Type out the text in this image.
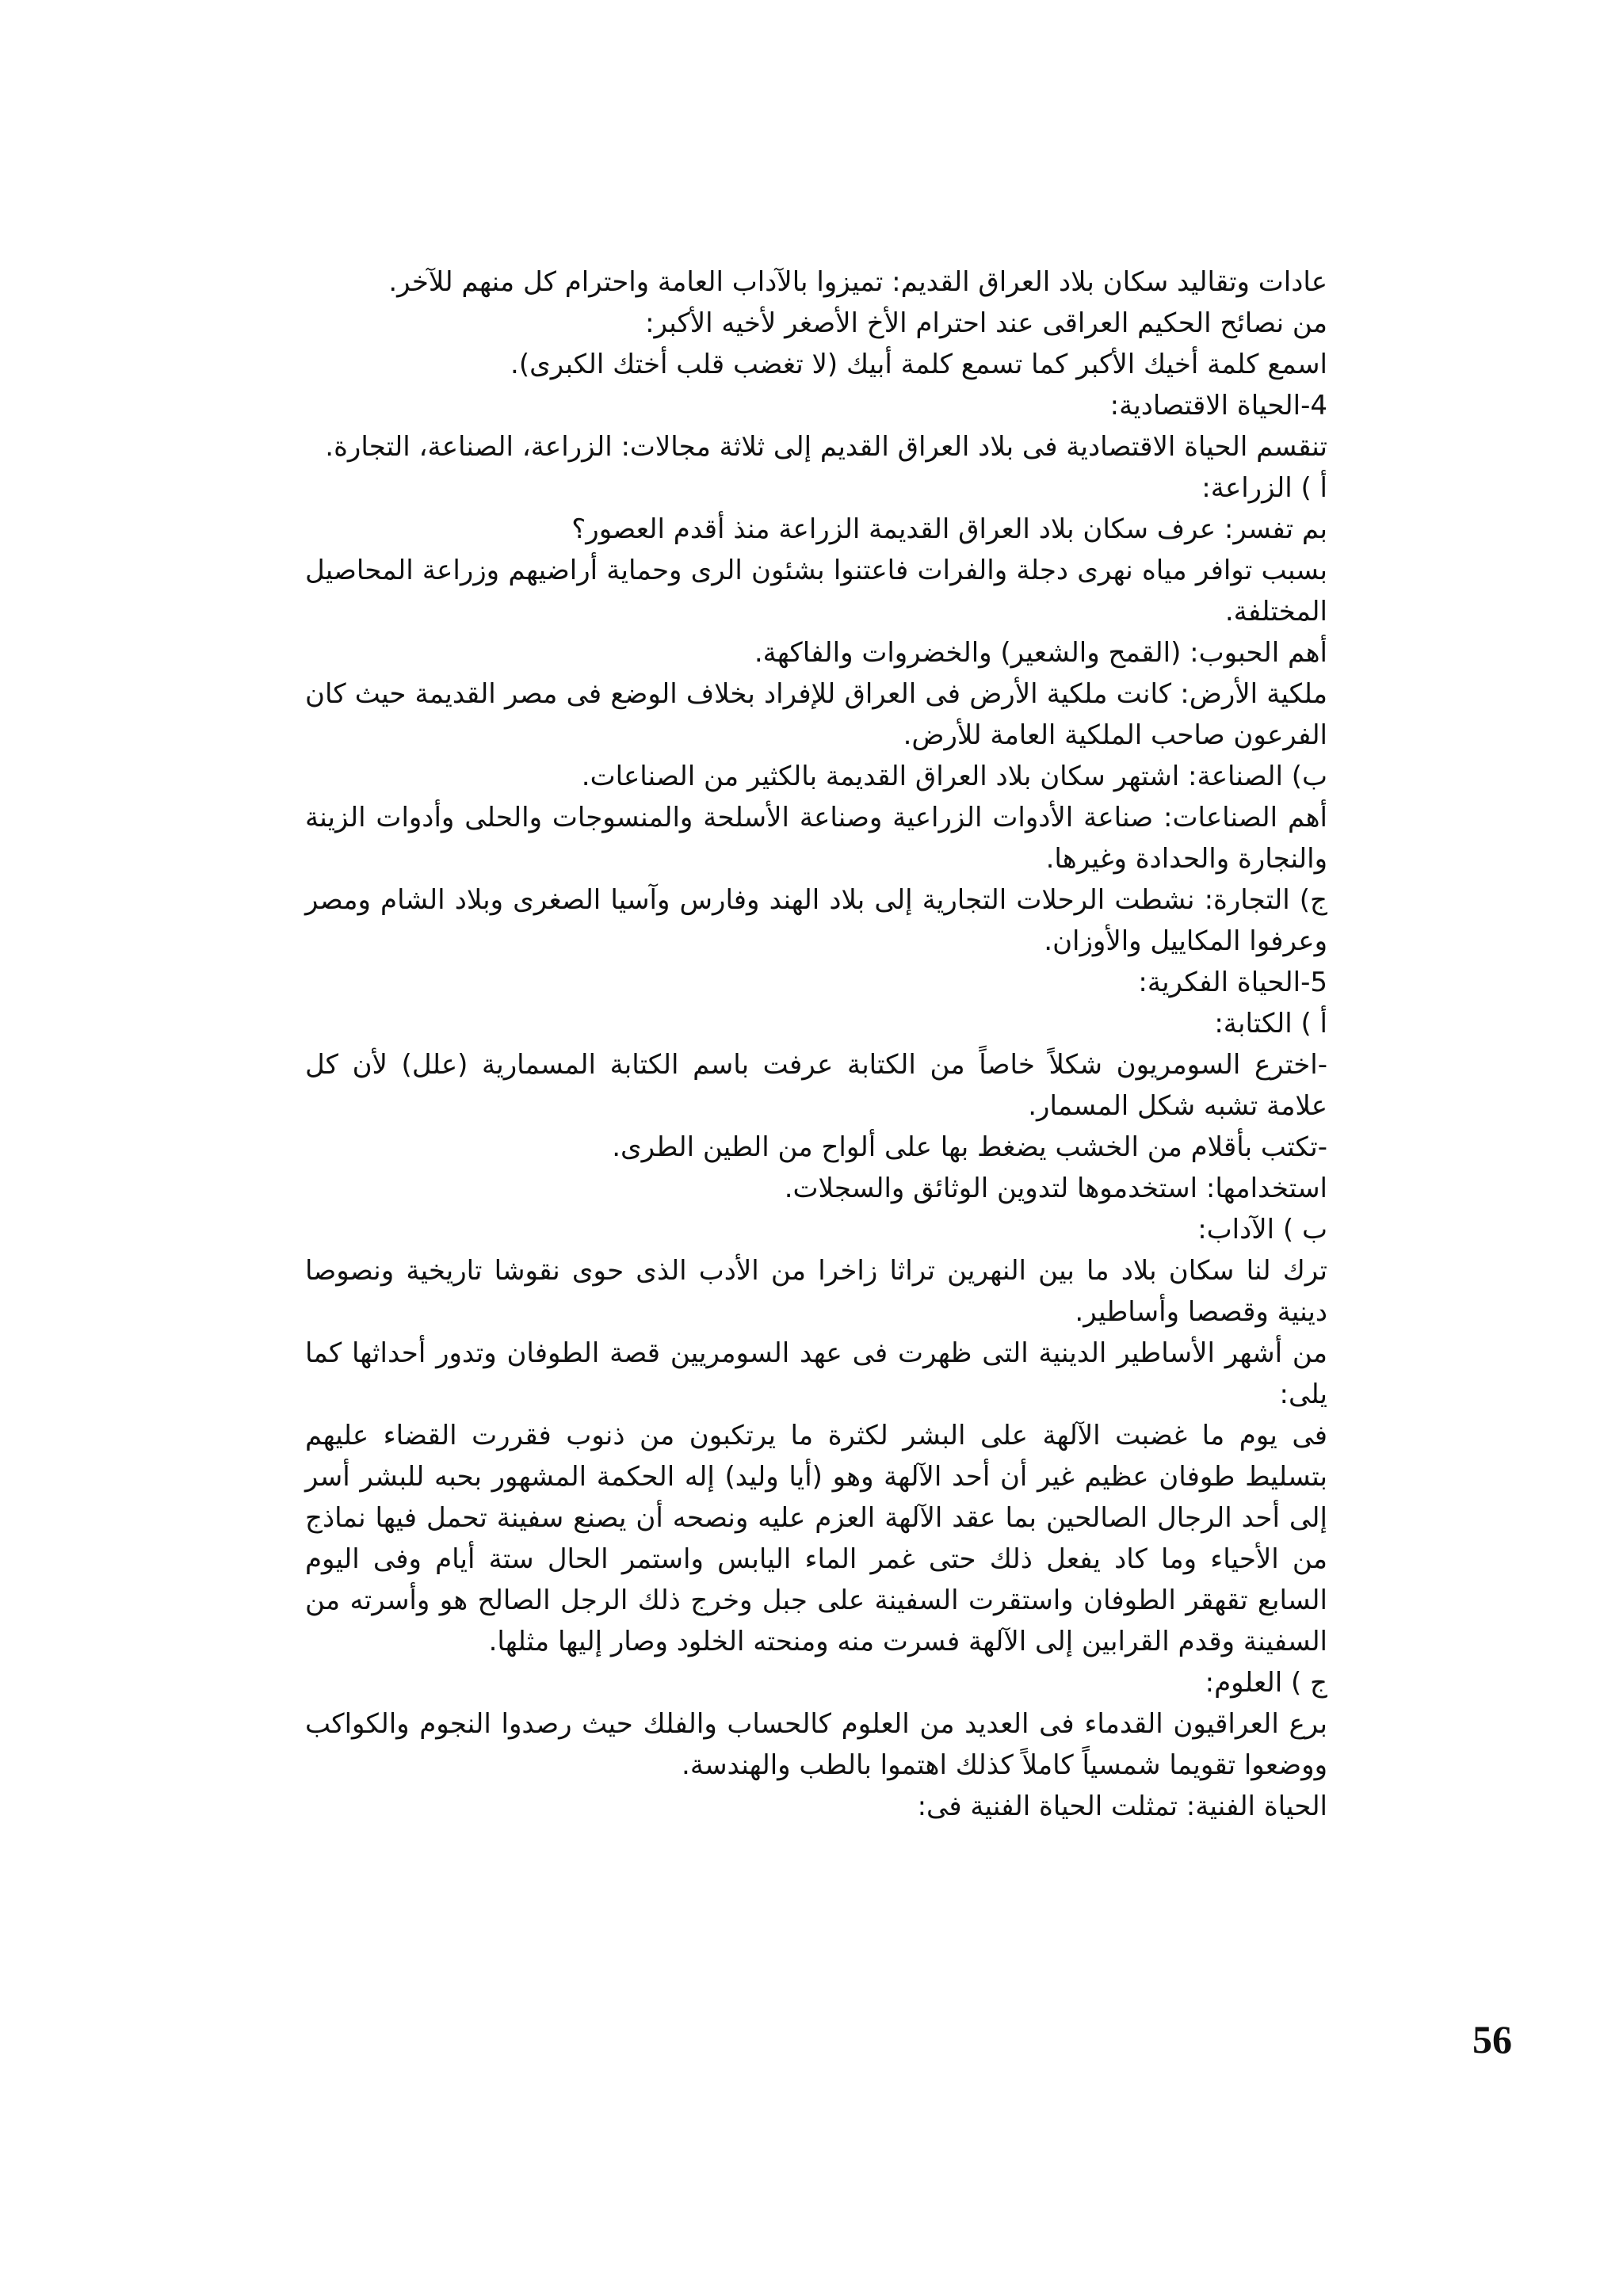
عادات وتقاليد سكان بلاد العراق القديم: تميزوا بالآداب العامة واحترام كل منهم للآخر.

من نصائح الحكيم العراقى عند احترام الأخ الأصغر لأخيه الأكبر:

اسمع كلمة أخيك الأكبر كما تسمع كلمة أبيك (لا تغضب قلب أختك الكبرى).

4-الحياة الاقتصادية:

تنقسم الحياة الاقتصادية فى بلاد العراق القديم إلى ثلاثة مجالات: الزراعة، الصناعة، التجارة.

أ ) الزراعة:

بم تفسر: عرف سكان بلاد العراق القديمة الزراعة منذ أقدم العصور؟

بسبب توافر مياه نهرى دجلة والفرات فاعتنوا بشئون الرى وحماية أراضيهم وزراعة المحاصيل المختلفة.

أهم الحبوب: (القمح والشعير) والخضروات والفاكهة.

ملكية الأرض: كانت ملكية الأرض فى العراق للإفراد بخلاف الوضع فى مصر القديمة حيث كان الفرعون صاحب الملكية العامة للأرض.

ب) الصناعة: اشتهر سكان بلاد العراق القديمة بالكثير من الصناعات.

أهم الصناعات: صناعة الأدوات الزراعية وصناعة الأسلحة والمنسوجات والحلى وأدوات الزينة والنجارة والحدادة وغيرها.

ج) التجارة: نشطت الرحلات التجارية إلى بلاد الهند وفارس وآسيا الصغرى وبلاد الشام ومصر وعرفوا المكاييل والأوزان.

5-الحياة الفكرية:

أ ) الكتابة:

-اخترع السومريون شكلاً خاصاً من الكتابة عرفت باسم الكتابة المسمارية (علل) لأن كل علامة تشبه شكل المسمار.

-تكتب بأقلام من الخشب يضغط بها على ألواح من الطين الطرى.

استخدامها: استخدموها لتدوين الوثائق والسجلات.

ب ) الآداب:

ترك لنا سكان بلاد ما بين النهرين تراثا زاخرا من الأدب الذى حوى نقوشا تاريخية ونصوصا دينية وقصصا وأساطير.

من أشهر الأساطير الدينية التى ظهرت فى عهد السومريين قصة الطوفان وتدور أحداثها كما يلى:

فى يوم ما غضبت الآلهة على البشر لكثرة ما يرتكبون من ذنوب فقررت القضاء عليهم بتسليط طوفان عظيم غير أن أحد الآلهة وهو (أيا وليد) إله الحكمة المشهور بحبه للبشر أسر إلى أحد الرجال الصالحين بما عقد الآلهة العزم عليه ونصحه أن يصنع سفينة تحمل فيها نماذج من الأحياء وما كاد يفعل ذلك حتى غمر الماء اليابس واستمر الحال ستة أيام وفى اليوم السابع تقهقر الطوفان واستقرت السفينة على جبل وخرج ذلك الرجل الصالح هو وأسرته من السفينة وقدم القرابين إلى الآلهة فسرت منه ومنحته الخلود وصار إليها مثلها.

ج ) العلوم:

برع العراقيون القدماء فى العديد من العلوم كالحساب والفلك حيث رصدوا النجوم والكواكب ووضعوا تقويما شمسياً كاملاً كذلك اهتموا بالطب والهندسة.

الحياة الفنية: تمثلت الحياة الفنية فى:

56
